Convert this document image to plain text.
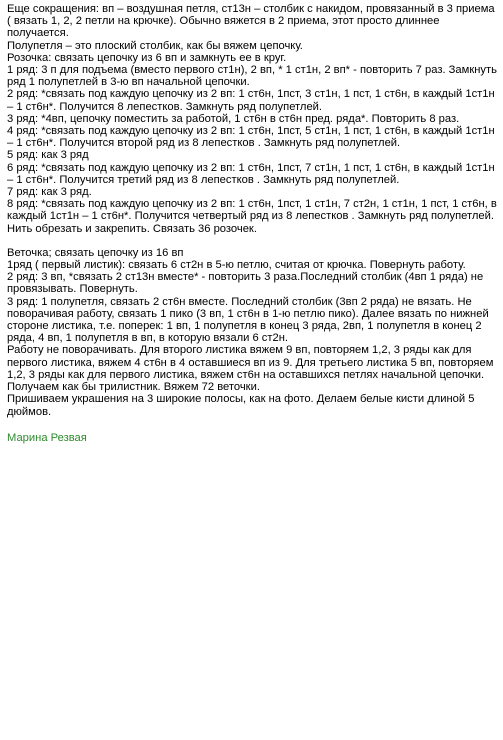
Еще сокращения: вп – воздушная петля, ст13н – столбик с накидом, провязанный в 3 приема ( вязать 1, 2, 2 петли на крючке). Обычно вяжется в 2 приема, этот просто длиннее получается.
Полупетля – это плоский столбик, как бы вяжем цепочку.
Розочка: связать цепочку из 6 вп и замкнуть ее в круг.
1 ряд: 3 п для подъема (вместо первого ст1н), 2 вп, * 1 ст1н, 2 вп* - повторить 7 раз. Замкнуть ряд 1 полупетлей в 3-ю вп начальной цепочки.
2 ряд: *связать под каждую цепочку из 2 вп: 1 ст6н, 1пст, 3 ст1н, 1 пст, 1 ст6н, в каждый 1ст1н – 1 ст6н*. Получится 8 лепестков. Замкнуть ряд полупетлей.
3 ряд: *4вп, цепочку поместить за работой, 1 ст6н в ст6н пред. ряда*. Повторить 8 раз.
4 ряд: *связать под каждую цепочку из 2 вп: 1 ст6н, 1пст, 5 ст1н, 1 пст, 1 ст6н, в каждый 1ст1н – 1 ст6н*. Получится второй ряд из 8 лепестков . Замкнуть ряд полупетлей.
5 ряд: как 3 ряд
6 ряд: *связать под каждую цепочку из 2 вп: 1 ст6н, 1пст, 7 ст1н, 1 пст, 1 ст6н, в каждый 1ст1н – 1 ст6н*. Получится третий ряд из 8 лепестков . Замкнуть ряд полупетлей.
7 ряд: как 3 ряд.
8 ряд: *связать под каждую цепочку из 2 вп: 1 ст6н, 1пст, 1 ст1н, 7 ст2н, 1 ст1н, 1 пст, 1 ст6н, в каждый 1ст1н – 1 ст6н*. Получится четвертый ряд из 8 лепестков . Замкнуть ряд полупетлей. Нить обрезать и закрепить. Связать 36 розочек.

Веточка; связать цепочку из 16 вп
1ряд ( первый листик): связать 6 ст2н в 5-ю петлю, считая от крючка. Повернуть работу.
2 ряд: 3 вп, *связать 2 ст13н вместе* - повторить 3 раза.Последний столбик (4вп 1 ряда) не провязывать. Повернуть.
3 ряд: 1 полупетля, связать 2 ст6н вместе. Последний столбик (3вп 2 ряда) не вязать. Не поворачивая работу, связать 1 пико (3 вп, 1 ст6н в 1-ю петлю пико). Далее вязать по нижней стороне листика, т.е. поперек: 1 вп, 1 полупетля в конец 3 ряда, 2вп, 1 полупетля в конец 2 ряда, 4 вп, 1 полупетля в вп, в которую вязали 6 ст2н.
Работу не поворачивать. Для второго листика вяжем 9 вп, повторяем 1,2, 3 ряды как для первого листика, вяжем 4 ст6н в 4 оставшиеся вп из 9. Для третьего листика 5 вп, повторяем 1,2, 3 ряды как для первого листика, вяжем ст6н на оставшихся петлях начальной цепочки. Получаем как бы трилистник. Вяжем 72 веточки.
Пришиваем украшения на 3 широкие полосы, как на фото. Делаем белые кисти длиной 5 дюймов.

Марина Резвая
